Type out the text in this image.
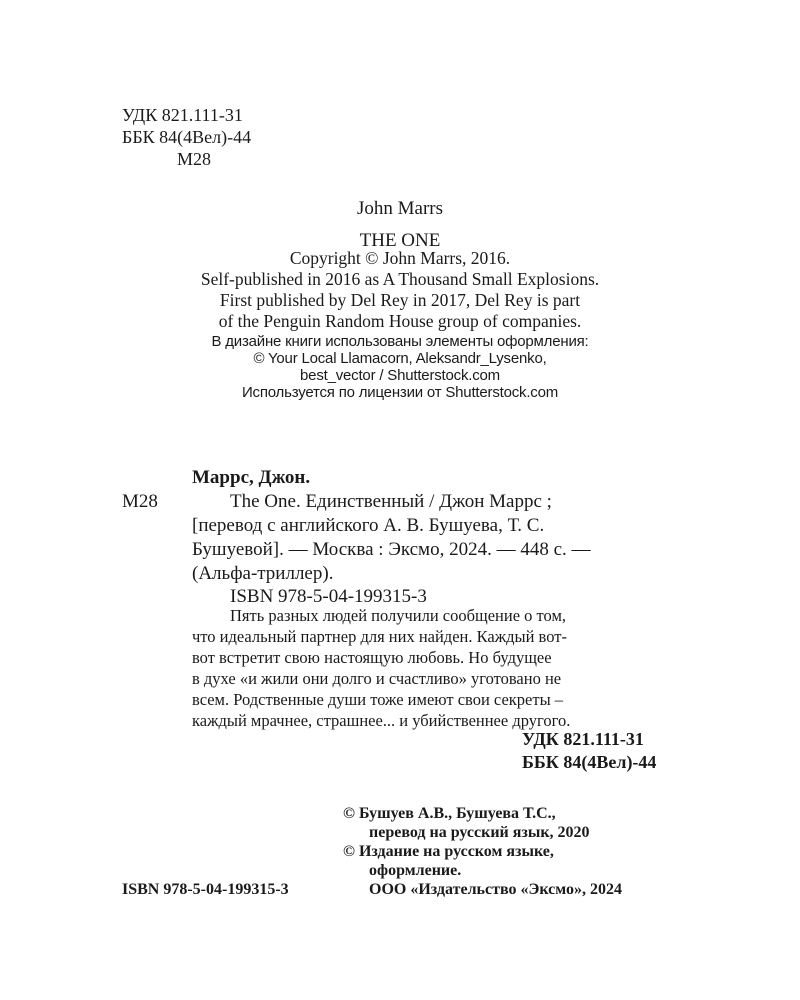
УДК 821.111-31
ББК 84(4Вел)-44
М28
John Marrs
THE ONE
Copyright © John Marrs, 2016.
Self-published in 2016 as A Thousand Small Explosions.
First published by Del Rey in 2017, Del Rey is part
of the Penguin Random House group of companies.
В дизайне книги использованы элементы оформления:
© Your Local Llamacorn, Aleksandr_Lysenko,
best_vector / Shutterstock.com
Используется по лицензии от Shutterstock.com
Маррс, Джон.
М28	The One. Единственный / Джон Маррс ;
[перевод с английского А. В. Бушуева, Т. С.
Бушуевой]. — Москва : Эксмо, 2024. — 448 с. —
(Альфа-триллер).
ISBN 978-5-04-199315-3
Пять разных людей получили сообщение о том,
что идеальный партнер для них найден. Каждый вот-
вот встретит свою настоящую любовь. Но будущее
в духе «и жили они долго и счастливо» уготовано не
всем. Родственные души тоже имеют свои секреты –
каждый мрачнее, страшнее... и убийственнее другого.
УДК 821.111-31
ББК 84(4Вел)-44
© Бушуев А.В., Бушуева Т.С.,
перевод на русский язык, 2020
© Издание на русском языке,
оформление.
ISBN 978-5-04-199315-3	ООО «Издательство «Эксмо», 2024
